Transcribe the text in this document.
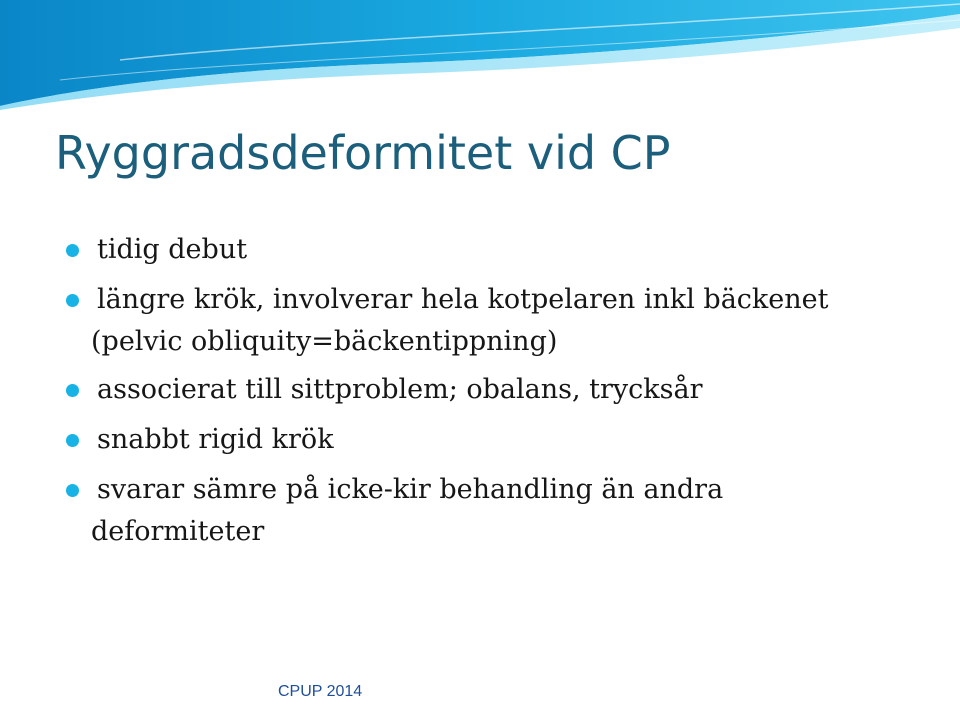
Ryggradsdeformitet vid CP
tidig debut
längre krök, involverar hela kotpelaren inkl bäckenet
(pelvic obliquity=bäckentippning)
associerat till sittproblem; obalans, trycksår
snabbt rigid krök
svarar sämre på icke-kir behandling än andra
deformiteter
CPUP 2014
